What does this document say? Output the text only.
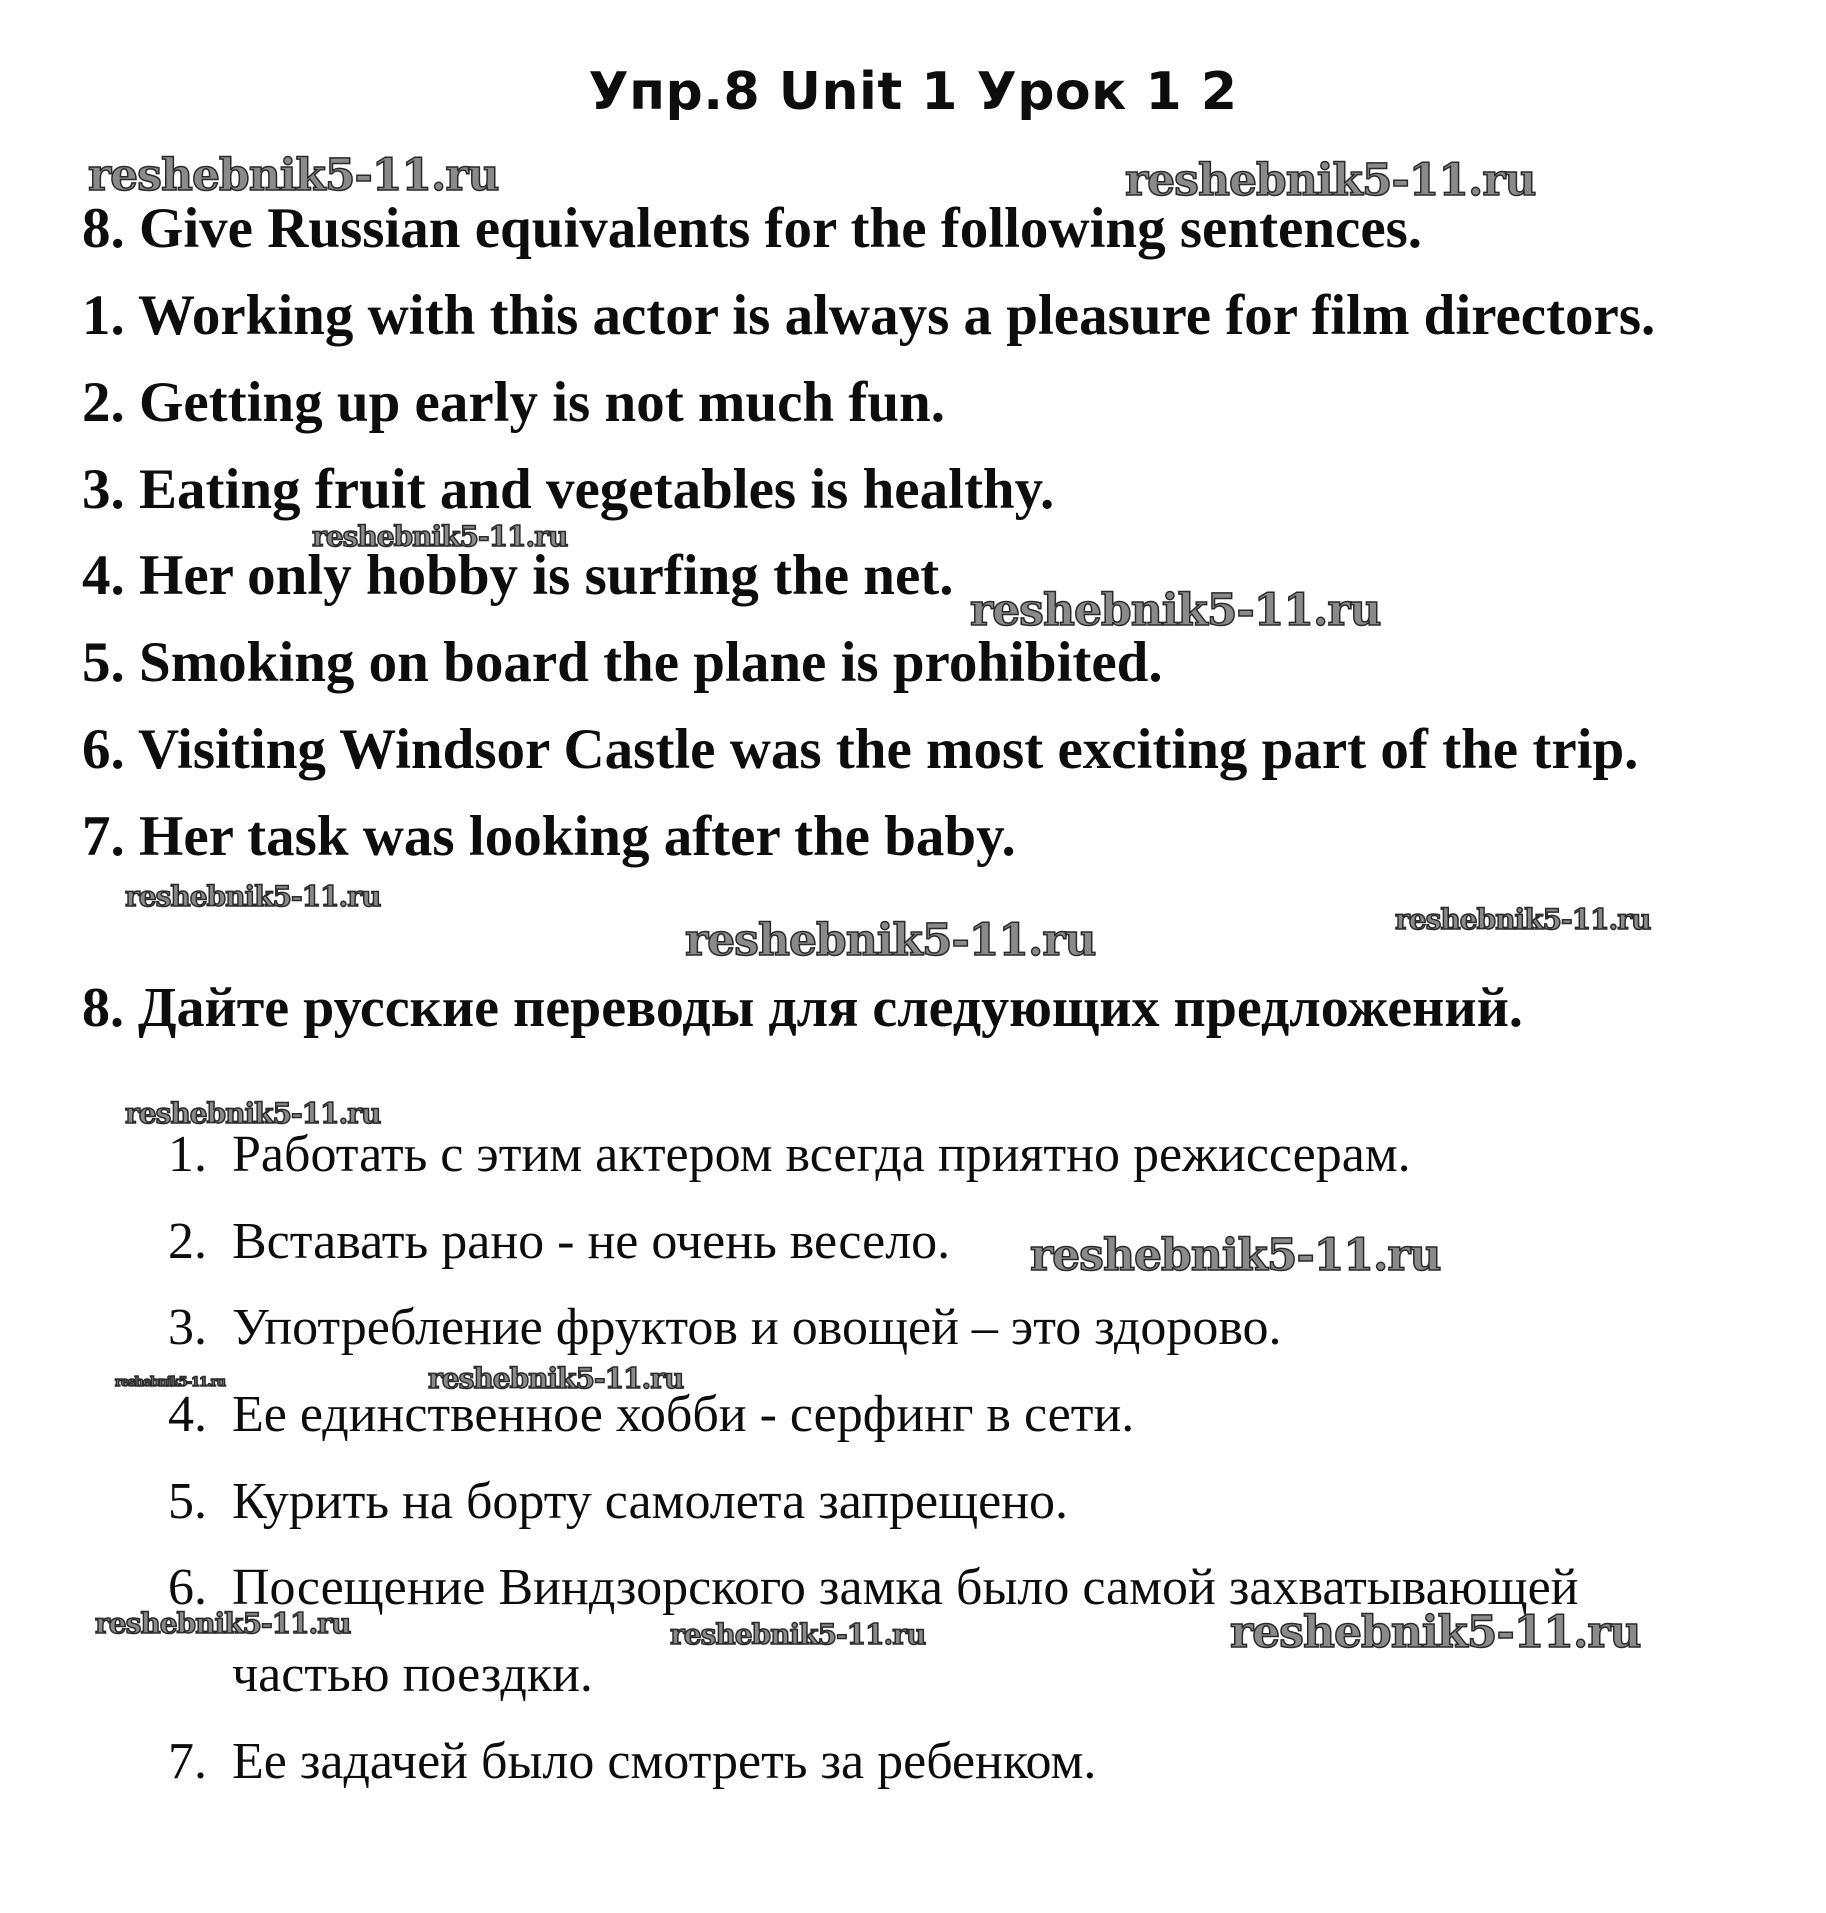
Упр.8 Unit 1 Урок 1 2
8. Give Russian equivalents for the following sentences.
1. Working with this actor is always a pleasure for film directors.
2. Getting up early is not much fun.
3. Eating fruit and vegetables is healthy.
4. Her only hobby is surfing the net.
5. Smoking on board the plane is prohibited.
6. Visiting Windsor Castle was the most exciting part of the trip.
7. Her task was looking after the baby.
8. Дайте русские переводы для следующих предложений.
1. Работать с этим актером всегда приятно режиссерам.
2. Вставать рано - не очень весело.
3. Употребление фруктов и овощей – это здорово.
4. Ее единственное хобби - серфинг в сети.
5. Курить на борту самолета запрещено.
6. Посещение Виндзорского замка было самой захватывающей
частью поездки.
7. Ее задачей было смотреть за ребенком.
reshebnik5-11.ru	reshebnik5-11.ru
reshebnik5-11.ru
reshebnik5-11.ru
reshebnik5-11.ru
reshebnik5-11.ru	reshebnik5-11.ru
reshebnik5-11.ru
reshebnik5-11.ru
reshebnik5-11.ru	reshebnik5-11.ru
reshebnik5-11.ru	reshebnik5-11.ru	reshebnik5-11.ru
